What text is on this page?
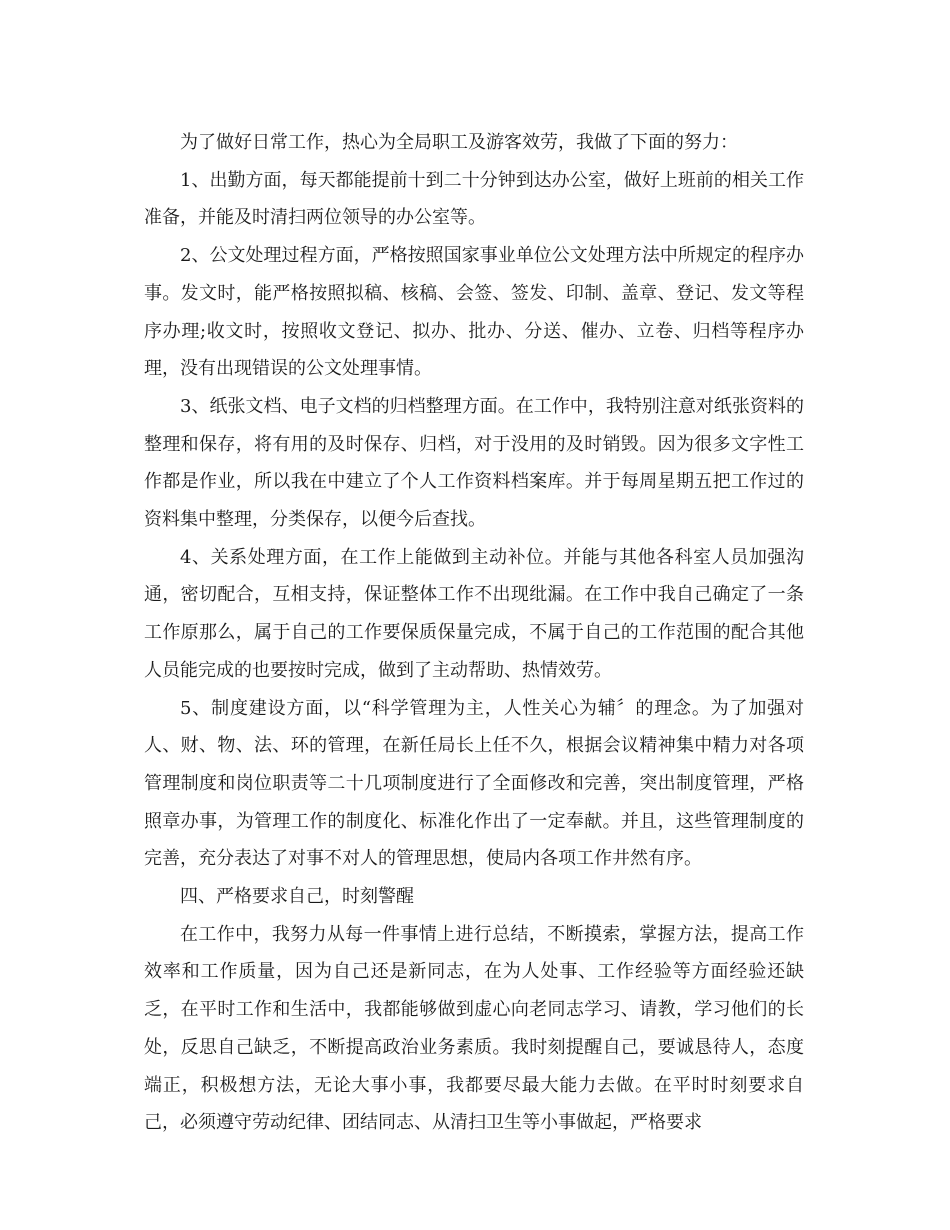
为了做好日常工作，热心为全局职工及游客效劳，我做了下面的努力：

1、出勤方面，每天都能提前十到二十分钟到达办公室，做好上班前的相关工作准备，并能及时清扫两位领导的办公室等。

2、公文处理过程方面，严格按照国家事业单位公文处理方法中所规定的程序办事。发文时，能严格按照拟稿、核稿、会签、签发、印制、盖章、登记、发文等程序办理;收文时，按照收文登记、拟办、批办、分送、催办、立卷、归档等程序办理，没有出现错误的公文处理事情。

3、纸张文档、电子文档的归档整理方面。在工作中，我特别注意对纸张资料的整理和保存，将有用的及时保存、归档，对于没用的及时销毁。因为很多文字性工作都是作业，所以我在中建立了个人工作资料档案库。并于每周星期五把工作过的资料集中整理，分类保存，以便今后查找。

4、关系处理方面，在工作上能做到主动补位。并能与其他各科室人员加强沟通，密切配合，互相支持，保证整体工作不出现纰漏。在工作中我自己确定了一条工作原那么，属于自己的工作要保质保量完成，不属于自己的工作范围的配合其他人员能完成的也要按时完成，做到了主动帮助、热情效劳。

5、制度建设方面，以“科学管理为主，人性关心为辅〞的理念。为了加强对人、财、物、法、环的管理，在新任局长上任不久，根据会议精神集中精力对各项管理制度和岗位职责等二十几项制度进行了全面修改和完善，突出制度管理，严格照章办事，为管理工作的制度化、标准化作出了一定奉献。并且，这些管理制度的完善，充分表达了对事不对人的管理思想，使局内各项工作井然有序。

四、严格要求自己，时刻警醒

在工作中，我努力从每一件事情上进行总结，不断摸索，掌握方法，提高工作效率和工作质量，因为自己还是新同志，在为人处事、工作经验等方面经验还缺乏，在平时工作和生活中，我都能够做到虚心向老同志学习、请教，学习他们的长处，反思自己缺乏，不断提高政治业务素质。我时刻提醒自己，要诚恳待人，态度端正，积极想方法，无论大事小事，我都要尽最大能力去做。在平时时刻要求自己，必须遵守劳动纪律、团结同志、从清扫卫生等小事做起，严格要求
